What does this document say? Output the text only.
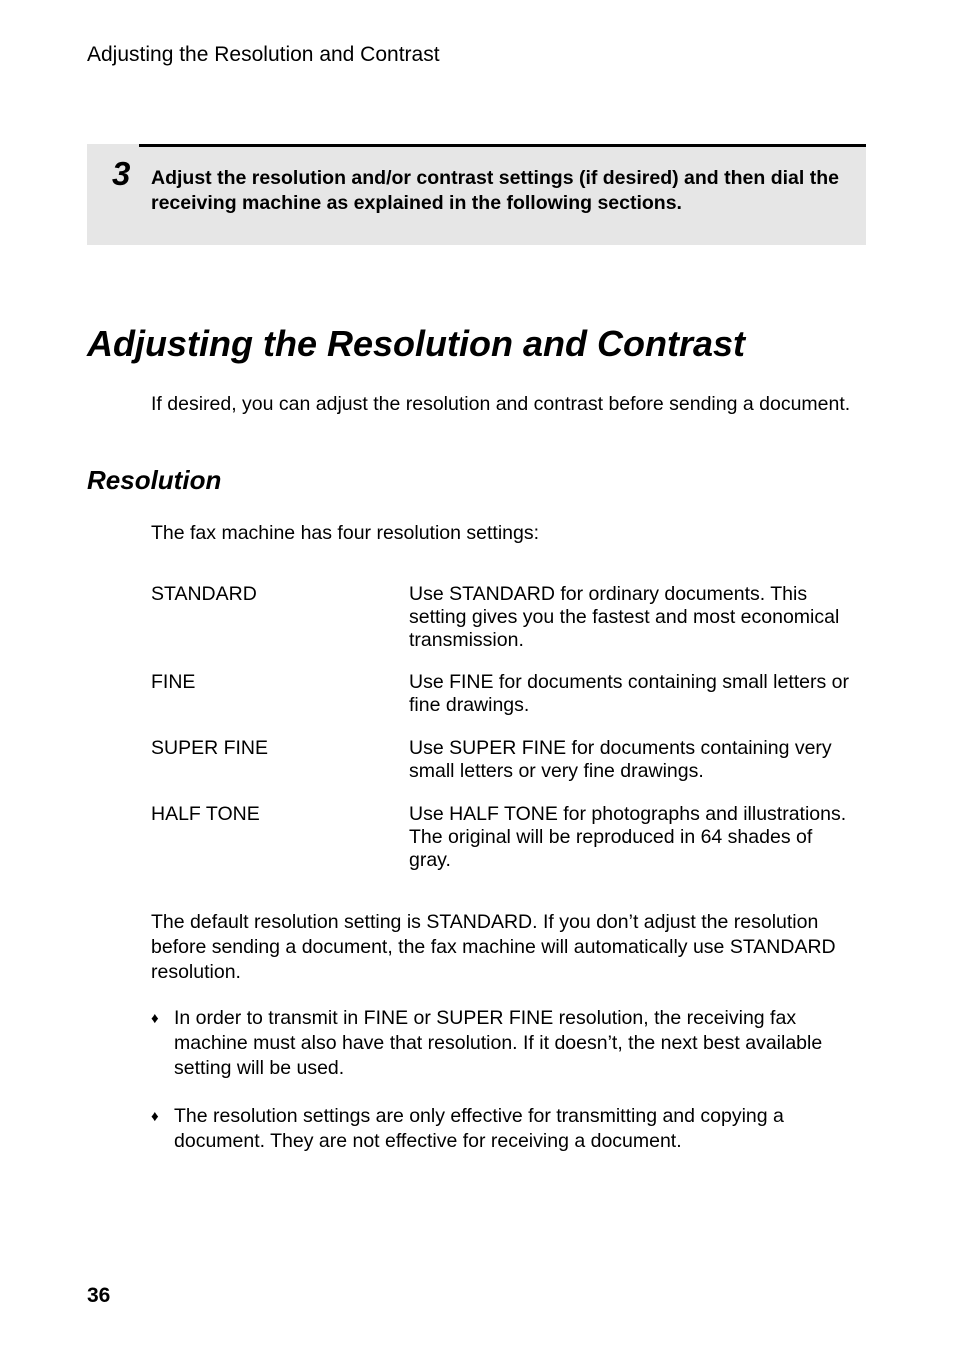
Adjusting the Resolution and Contrast
3 Adjust the resolution and/or contrast settings (if desired) and then dial the receiving machine as explained in the following sections.
Adjusting the Resolution and Contrast

If desired, you can adjust the resolution and contrast before sending a document.

Resolution

The fax machine has four resolution settings:

STANDARD	Use STANDARD for ordinary documents. This setting gives you the fastest and most economical transmission.
FINE	Use FINE for documents containing small letters or fine drawings.
SUPER FINE	Use SUPER FINE for documents containing very small letters or very fine drawings.
HALF TONE	Use HALF TONE for photographs and illustrations. The original will be reproduced in 64 shades of gray.

The default resolution setting is STANDARD. If you don’t adjust the resolution before sending a document, the fax machine will automatically use STANDARD resolution.

♦ In order to transmit in FINE or SUPER FINE resolution, the receiving fax machine must also have that resolution. If it doesn’t, the next best available setting will be used.
♦ The resolution settings are only effective for transmitting and copying a document. They are not effective for receiving a document.
36
